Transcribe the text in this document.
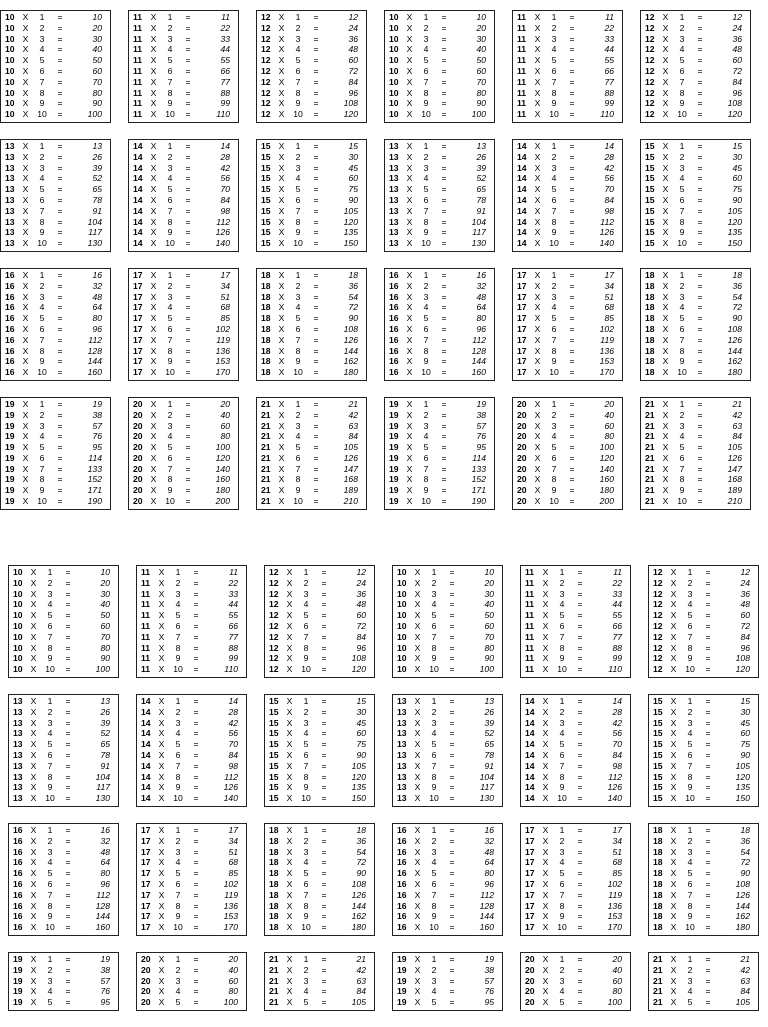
10 X	1	=	10
10 X	2	=	20
10 X	3	=	30
10 X	4	=	40
10 X	5	=	50
10 X	6	=	60
10 X	7	=	70
10 X	8	=	80
10 X	9	=	90
10 X	10	=	100
11 X	1	=	11
11 X	2	=	22
11 X	3	=	33
11 X	4	=	44
11 X	5	=	55
11 X	6	=	66
11 X	7	=	77
11 X	8	=	88
11 X	9	=	99
11 X	10	=	110
12 X	1	=	12
12 X	2	=	24
12 X	3	=	36
12 X	4	=	48
12 X	5	=	60
12 X	6	=	72
12 X	7	=	84
12 X	8	=	96
12 X	9	=	108
12 X	10	=	120
10 X	1	=	10
10 X	2	=	20
10 X	3	=	30
10 X	4	=	40
10 X	5	=	50
10 X	6	=	60
10 X	7	=	70
10 X	8	=	80
10 X	9	=	90
10 X	10	=	100
11 X	1	=	11
11 X	2	=	22
11 X	3	=	33
11 X	4	=	44
11 X	5	=	55
11 X	6	=	66
11 X	7	=	77
11 X	8	=	88
11 X	9	=	99
11 X	10	=	110
12 X	1	=	12
12 X	2	=	24
12 X	3	=	36
12 X	4	=	48
12 X	5	=	60
12 X	6	=	72
12 X	7	=	84
12 X	8	=	96
12 X	9	=	108
12 X	10	=	120
13 X	1	=	13
13 X	2	=	26
13 X	3	=	39
13 X	4	=	52
13 X	5	=	65
13 X	6	=	78
13 X	7	=	91
13 X	8	=	104
13 X	9	=	117
13 X	10	=	130
14 X	1	=	14
14 X	2	=	28
14 X	3	=	42
14 X	4	=	56
14 X	5	=	70
14 X	6	=	84
14 X	7	=	98
14 X	8	=	112
14 X	9	=	126
14 X	10	=	140
15 X	1	=	15
15 X	2	=	30
15 X	3	=	45
15 X	4	=	60
15 X	5	=	75
15 X	6	=	90
15 X	7	=	105
15 X	8	=	120
15 X	9	=	135
15 X	10	=	150
13 X	1	=	13
13 X	2	=	26
13 X	3	=	39
13 X	4	=	52
13 X	5	=	65
13 X	6	=	78
13 X	7	=	91
13 X	8	=	104
13 X	9	=	117
13 X	10	=	130
14 X	1	=	14
14 X	2	=	28
14 X	3	=	42
14 X	4	=	56
14 X	5	=	70
14 X	6	=	84
14 X	7	=	98
14 X	8	=	112
14 X	9	=	126
14 X	10	=	140
15 X	1	=	15
15 X	2	=	30
15 X	3	=	45
15 X	4	=	60
15 X	5	=	75
15 X	6	=	90
15 X	7	=	105
15 X	8	=	120
15 X	9	=	135
15 X	10	=	150
16 X	1	=	16
16 X	2	=	32
16 X	3	=	48
16 X	4	=	64
16 X	5	=	80
16 X	6	=	96
16 X	7	=	112
16 X	8	=	128
16 X	9	=	144
16 X	10	=	160
17 X	1	=	17
17 X	2	=	34
17 X	3	=	51
17 X	4	=	68
17 X	5	=	85
17 X	6	=	102
17 X	7	=	119
17 X	8	=	136
17 X	9	=	153
17 X	10	=	170
18 X	1	=	18
18 X	2	=	36
18 X	3	=	54
18 X	4	=	72
18 X	5	=	90
18 X	6	=	108
18 X	7	=	126
18 X	8	=	144
18 X	9	=	162
18 X	10	=	180
16 X	1	=	16
16 X	2	=	32
16 X	3	=	48
16 X	4	=	64
16 X	5	=	80
16 X	6	=	96
16 X	7	=	112
16 X	8	=	128
16 X	9	=	144
16 X	10	=	160
17 X	1	=	17
17 X	2	=	34
17 X	3	=	51
17 X	4	=	68
17 X	5	=	85
17 X	6	=	102
17 X	7	=	119
17 X	8	=	136
17 X	9	=	153
17 X	10	=	170
18 X	1	=	18
18 X	2	=	36
18 X	3	=	54
18 X	4	=	72
18 X	5	=	90
18 X	6	=	108
18 X	7	=	126
18 X	8	=	144
18 X	9	=	162
18 X	10	=	180
19 X	1	=	19
19 X	2	=	38
19 X	3	=	57
19 X	4	=	76
19 X	5	=	95
19 X	6	=	114
19 X	7	=	133
19 X	8	=	152
19 X	9	=	171
19 X	10	=	190
20 X	1	=	20
20 X	2	=	40
20 X	3	=	60
20 X	4	=	80
20 X	5	=	100
20 X	6	=	120
20 X	7	=	140
20 X	8	=	160
20 X	9	=	180
20 X	10	=	200
21 X	1	=	21
21 X	2	=	42
21 X	3	=	63
21 X	4	=	84
21 X	5	=	105
21 X	6	=	126
21 X	7	=	147
21 X	8	=	168
21 X	9	=	189
21 X	10	=	210
19 X	1	=	19
19 X	2	=	38
19 X	3	=	57
19 X	4	=	76
19 X	5	=	95
19 X	6	=	114
19 X	7	=	133
19 X	8	=	152
19 X	9	=	171
19 X	10	=	190
20 X	1	=	20
20 X	2	=	40
20 X	3	=	60
20 X	4	=	80
20 X	5	=	100
20 X	6	=	120
20 X	7	=	140
20 X	8	=	160
20 X	9	=	180
20 X	10	=	200
21 X	1	=	21
21 X	2	=	42
21 X	3	=	63
21 X	4	=	84
21 X	5	=	105
21 X	6	=	126
21 X	7	=	147
21 X	8	=	168
21 X	9	=	189
21 X	10	=	210
10 X	1	=	10
10 X	2	=	20
10 X	3	=	30
10 X	4	=	40
10 X	5	=	50
10 X	6	=	60
10 X	7	=	70
10 X	8	=	80
10 X	9	=	90
10 X	10	=	100
11 X	1	=	11
11 X	2	=	22
11 X	3	=	33
11 X	4	=	44
11 X	5	=	55
11 X	6	=	66
11 X	7	=	77
11 X	8	=	88
11 X	9	=	99
11 X	10	=	110
12 X	1	=	12
12 X	2	=	24
12 X	3	=	36
12 X	4	=	48
12 X	5	=	60
12 X	6	=	72
12 X	7	=	84
12 X	8	=	96
12 X	9	=	108
12 X	10	=	120
10 X	1	=	10
10 X	2	=	20
10 X	3	=	30
10 X	4	=	40
10 X	5	=	50
10 X	6	=	60
10 X	7	=	70
10 X	8	=	80
10 X	9	=	90
10 X	10	=	100
11 X	1	=	11
11 X	2	=	22
11 X	3	=	33
11 X	4	=	44
11 X	5	=	55
11 X	6	=	66
11 X	7	=	77
11 X	8	=	88
11 X	9	=	99
11 X	10	=	110
12 X	1	=	12
12 X	2	=	24
12 X	3	=	36
12 X	4	=	48
12 X	5	=	60
12 X	6	=	72
12 X	7	=	84
12 X	8	=	96
12 X	9	=	108
12 X	10	=	120
13 X	1	=	13
13 X	2	=	26
13 X	3	=	39
13 X	4	=	52
13 X	5	=	65
13 X	6	=	78
13 X	7	=	91
13 X	8	=	104
13 X	9	=	117
13 X	10	=	130
14 X	1	=	14
14 X	2	=	28
14 X	3	=	42
14 X	4	=	56
14 X	5	=	70
14 X	6	=	84
14 X	7	=	98
14 X	8	=	112
14 X	9	=	126
14 X	10	=	140
15 X	1	=	15
15 X	2	=	30
15 X	3	=	45
15 X	4	=	60
15 X	5	=	75
15 X	6	=	90
15 X	7	=	105
15 X	8	=	120
15 X	9	=	135
15 X	10	=	150
13 X	1	=	13
13 X	2	=	26
13 X	3	=	39
13 X	4	=	52
13 X	5	=	65
13 X	6	=	78
13 X	7	=	91
13 X	8	=	104
13 X	9	=	117
13 X	10	=	130
14 X	1	=	14
14 X	2	=	28
14 X	3	=	42
14 X	4	=	56
14 X	5	=	70
14 X	6	=	84
14 X	7	=	98
14 X	8	=	112
14 X	9	=	126
14 X	10	=	140
15 X	1	=	15
15 X	2	=	30
15 X	3	=	45
15 X	4	=	60
15 X	5	=	75
15 X	6	=	90
15 X	7	=	105
15 X	8	=	120
15 X	9	=	135
15 X	10	=	150
16 X	1	=	16
16 X	2	=	32
16 X	3	=	48
16 X	4	=	64
16 X	5	=	80
16 X	6	=	96
16 X	7	=	112
16 X	8	=	128
16 X	9	=	144
16 X	10	=	160
17 X	1	=	17
17 X	2	=	34
17 X	3	=	51
17 X	4	=	68
17 X	5	=	85
17 X	6	=	102
17 X	7	=	119
17 X	8	=	136
17 X	9	=	153
17 X	10	=	170
18 X	1	=	18
18 X	2	=	36
18 X	3	=	54
18 X	4	=	72
18 X	5	=	90
18 X	6	=	108
18 X	7	=	126
18 X	8	=	144
18 X	9	=	162
18 X	10	=	180
16 X	1	=	16
16 X	2	=	32
16 X	3	=	48
16 X	4	=	64
16 X	5	=	80
16 X	6	=	96
16 X	7	=	112
16 X	8	=	128
16 X	9	=	144
16 X	10	=	160
17 X	1	=	17
17 X	2	=	34
17 X	3	=	51
17 X	4	=	68
17 X	5	=	85
17 X	6	=	102
17 X	7	=	119
17 X	8	=	136
17 X	9	=	153
17 X	10	=	170
18 X	1	=	18
18 X	2	=	36
18 X	3	=	54
18 X	4	=	72
18 X	5	=	90
18 X	6	=	108
18 X	7	=	126
18 X	8	=	144
18 X	9	=	162
18 X	10	=	180
19 X	1	=	19
19 X	2	=	38
19 X	3	=	57
19 X	4	=	76
19 X	5	=	95
20 X	1	=	20
20 X	2	=	40
20 X	3	=	60
20 X	4	=	80
20 X	5	=	100
21 X	1	=	21
21 X	2	=	42
21 X	3	=	63
21 X	4	=	84
21 X	5	=	105
19 X	1	=	19
19 X	2	=	38
19 X	3	=	57
19 X	4	=	76
19 X	5	=	95
20 X	1	=	20
20 X	2	=	40
20 X	3	=	60
20 X	4	=	80
20 X	5	=	100
21 X	1	=	21
21 X	2	=	42
21 X	3	=	63
21 X	4	=	84
21 X	5	=	105
